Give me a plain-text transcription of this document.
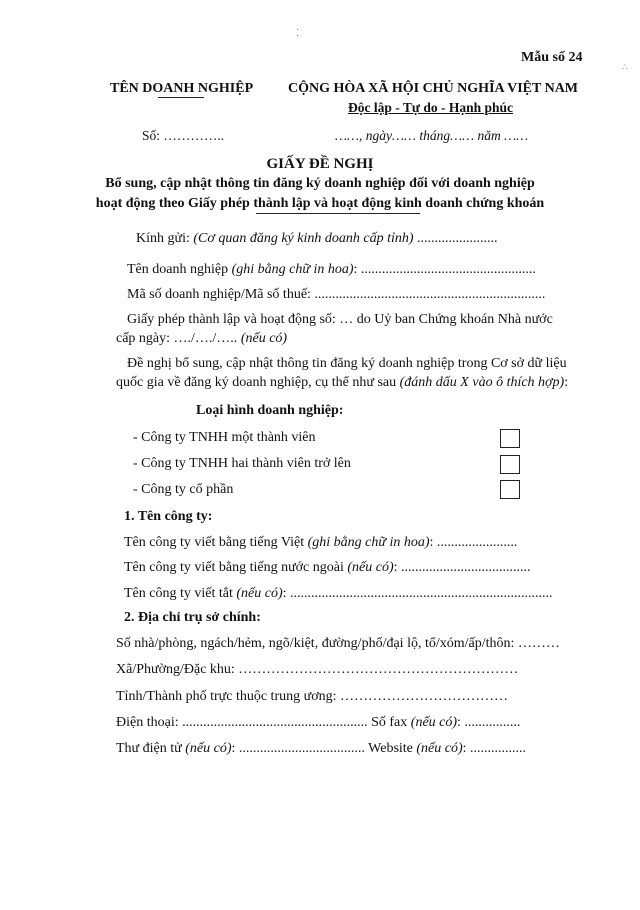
⁚
∴
Mẫu số 24
TÊN DOANH NGHIỆP CỘNG HÒA XÃ HỘI CHỦ NGHĨA VIỆT NAM
Độc lập - Tự do - Hạnh phúc
Số: …………..	……, ngày…… tháng…… năm ……
GIẤY ĐỀ NGHỊ
Bổ sung, cập nhật thông tin đăng ký doanh nghiệp đối với doanh nghiệp
hoạt động theo Giấy phép thành lập và hoạt động kinh doanh chứng khoán
Kính gửi: (Cơ quan đăng ký kinh doanh cấp tỉnh) .......................
Tên doanh nghiệp (ghi bằng chữ in hoa): ..................................................
Mã số doanh nghiệp/Mã số thuế: ..................................................................
Giấy phép thành lập và hoạt động số: … do Uỷ ban Chứng khoán Nhà nước
cấp ngày: …./…./….. (nếu có)
Đề nghị bổ sung, cập nhật thông tin đăng ký doanh nghiệp trong Cơ sở dữ liệu
quốc gia về đăng ký doanh nghiệp, cụ thể như sau (đánh dấu X vào ô thích hợp):
Loại hình doanh nghiệp:
- Công ty TNHH một thành viên
- Công ty TNHH hai thành viên trở lên
- Công ty cổ phần
1. Tên công ty:
Tên công ty viết bằng tiếng Việt (ghi bằng chữ in hoa): .......................
Tên công ty viết bằng tiếng nước ngoài (nếu có): .....................................
Tên công ty viết tắt (nếu có): ...........................................................................
2. Địa chỉ trụ sở chính:
Số nhà/phòng, ngách/hẻm, ngõ/kiệt, đường/phố/đại lộ, tổ/xóm/ấp/thôn: ………
Xã/Phường/Đặc khu: ……………………………………………………
Tỉnh/Thành phố trực thuộc trung ương: ………………………………
Điện thoại: ..................................................... Số fax (nếu có): ................
Thư điện tử (nếu có): .................................... Website (nếu có): ................
